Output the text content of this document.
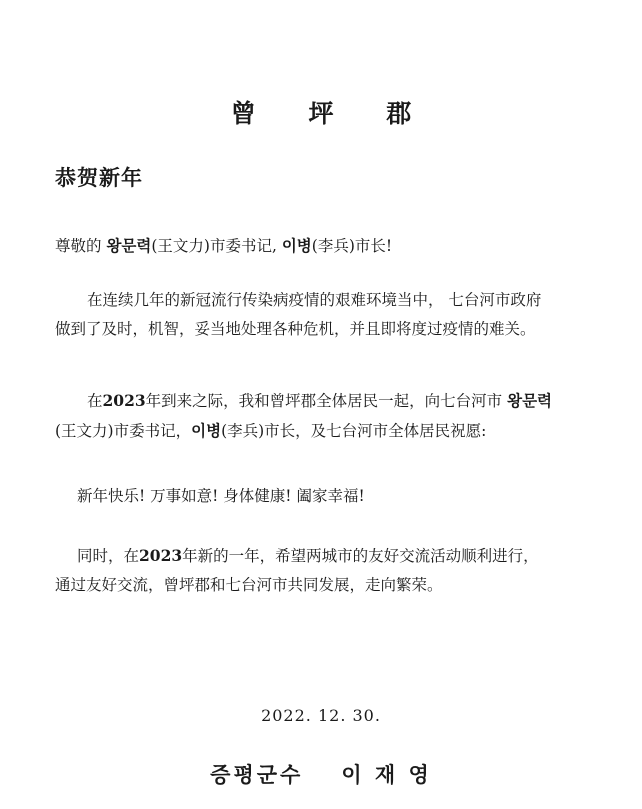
曾 坪 郡
恭贺新年
尊敬的 왕문력(王文力)市委书记, 이병(李兵)市长!
在连续几年的新冠流行传染病疫情的艰难环境当中， 七台河市政府
做到了及时，机智，妥当地处理各种危机，并且即将度过疫情的难关。
在2023年到来之际，我和曾坪郡全体居民一起，向七台河市 왕문력
(王文力)市委书记，이병(李兵)市长，及七台河市全体居民祝愿:
新年快乐! 万事如意! 身体健康! 阖家幸福!
同时，在2023年新的一年，希望两城市的友好交流活动顺利进行，
通过友好交流，曾坪郡和七台河市共同发展，走向繁荣。
2022. 12. 30.
증평군수 이 재 영
